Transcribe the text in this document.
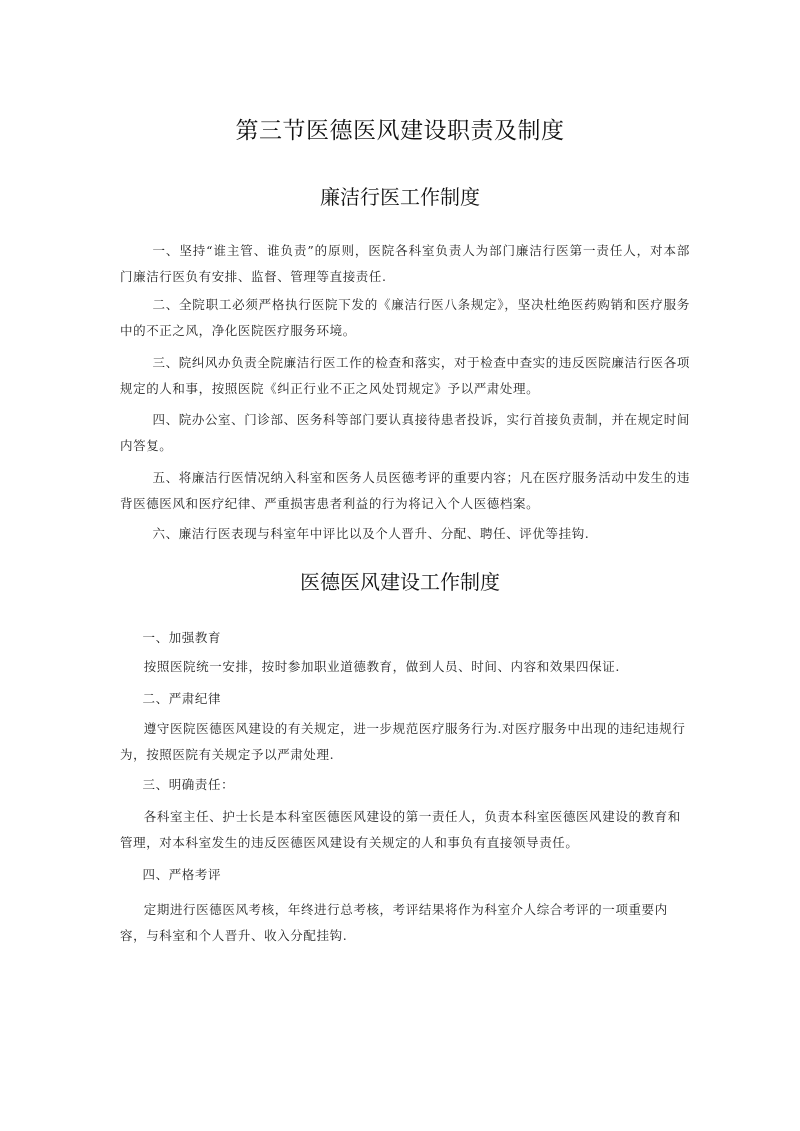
第三节医德医风建设职责及制度
廉洁行医工作制度
一、坚持“谁主管、谁负责”的原则，医院各科室负责人为部门廉洁行医第一责任人，对本部门廉洁行医负有安排、监督、管理等直接责任.
二、全院职工必须严格执行医院下发的《廉洁行医八条规定》，坚决杜绝医药购销和医疗服务中的不正之风，净化医院医疗服务环境。
三、院纠风办负责全院廉洁行医工作的检查和落实，对于检查中查实的违反医院廉洁行医各项规定的人和事，按照医院《纠正行业不正之风处罚规定》予以严肃处理。
四、院办公室、门诊部、医务科等部门要认真接待患者投诉，实行首接负责制，并在规定时间内答复。
五、将廉洁行医情况纳入科室和医务人员医德考评的重要内容；凡在医疗服务活动中发生的违背医德医风和医疗纪律、严重损害患者利益的行为将记入个人医德档案。
六、廉洁行医表现与科室年中评比以及个人晋升、分配、聘任、评优等挂钩.
医德医风建设工作制度
一、加强教育
按照医院统一安排，按时参加职业道德教育，做到人员、时间、内容和效果四保证.
二、严肃纪律
遵守医院医德医风建设的有关规定，进一步规范医疗服务行为.对医疗服务中出现的违纪违规行为，按照医院有关规定予以严肃处理.
三、明确责任：
各科室主任、护士长是本科室医德医风建设的第一责任人，负责本科室医德医风建设的教育和管理，对本科室发生的违反医德医风建设有关规定的人和事负有直接领导责任。
四、严格考评
定期进行医德医风考核，年终进行总考核，考评结果将作为科室介人综合考评的一项重要内容，与科室和个人晋升、收入分配挂钩.
